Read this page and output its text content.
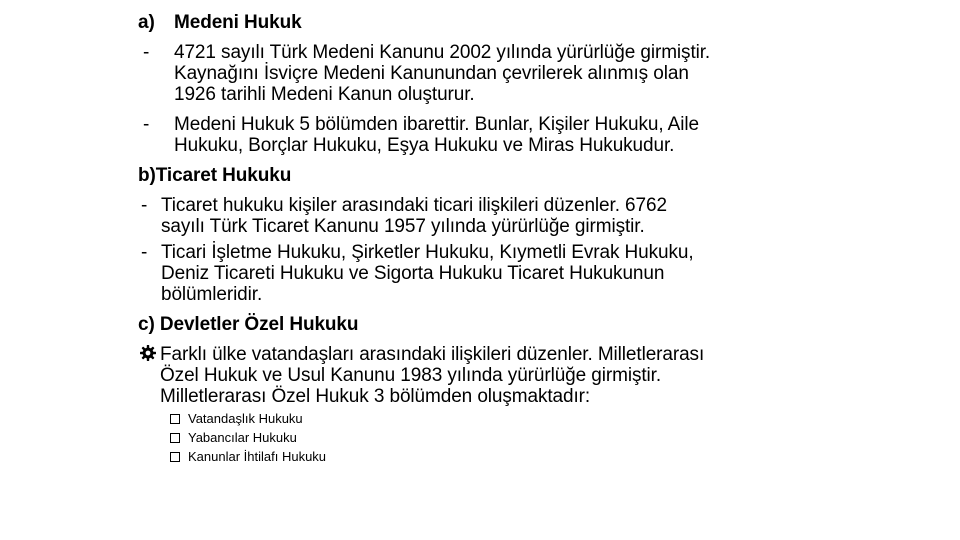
a) Medeni Hukuk
- 4721 sayılı Türk Medeni Kanunu 2002 yılında yürürlüğe girmiştir.
Kaynağını İsviçre Medeni Kanunundan çevrilerek alınmış olan
1926 tarihli Medeni Kanun oluşturur.
- Medeni Hukuk 5 bölümden ibarettir. Bunlar, Kişiler Hukuku, Aile
Hukuku, Borçlar Hukuku, Eşya Hukuku ve Miras Hukukudur.
b)Ticaret Hukuku
- Ticaret hukuku kişiler arasındaki ticari ilişkileri düzenler. 6762
sayılı Türk Ticaret Kanunu 1957 yılında yürürlüğe girmiştir.
- Ticari İşletme Hukuku, Şirketler Hukuku, Kıymetli Evrak Hukuku,
Deniz Ticareti Hukuku ve Sigorta Hukuku Ticaret Hukukunun
bölümleridir.
c) Devletler Özel Hukuku
Farklı ülke vatandaşları arasındaki ilişkileri düzenler. Milletlerarası
Özel Hukuk ve Usul Kanunu 1983 yılında yürürlüğe girmiştir.
Milletlerarası Özel Hukuk 3 bölümden oluşmaktadır:
Vatandaşlık Hukuku
Yabancılar Hukuku
Kanunlar İhtilafı Hukuku
